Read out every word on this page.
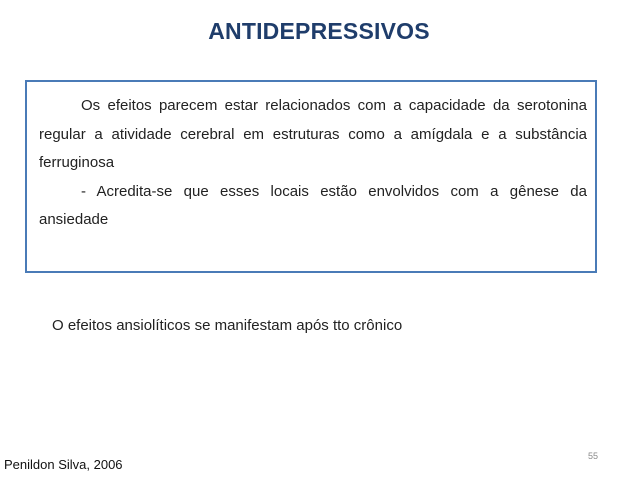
ANTIDEPRESSIVOS

Os efeitos parecem estar relacionados com a capacidade da serotonina regular a atividade cerebral em estruturas como a amígdala e a substância ferruginosa

- Acredita-se que esses locais estão envolvidos com a gênese da ansiedade

O efeitos ansiolíticos se manifestam após tto crônico
55
Penildon Silva, 2006
